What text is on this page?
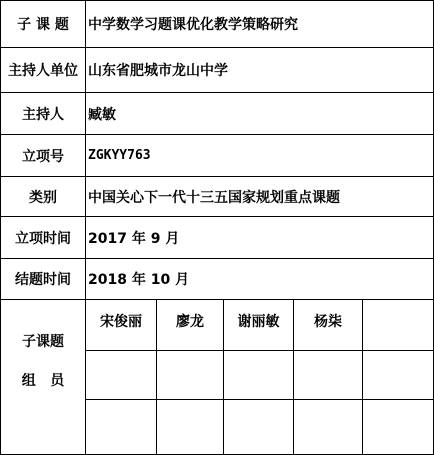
子 课 题	中学数学习题课优化教学策略研究
主持人单位 山东省肥城市龙山中学
主持人	臧敏
立项号	ZGKYY763
类别	中国关心下一代十三五国家规划重点课题
立项时间	2017 年 9 月
结题时间	2018 年 10 月
子课题
组   员
宋俊丽	廖龙	谢丽敏	杨柒
